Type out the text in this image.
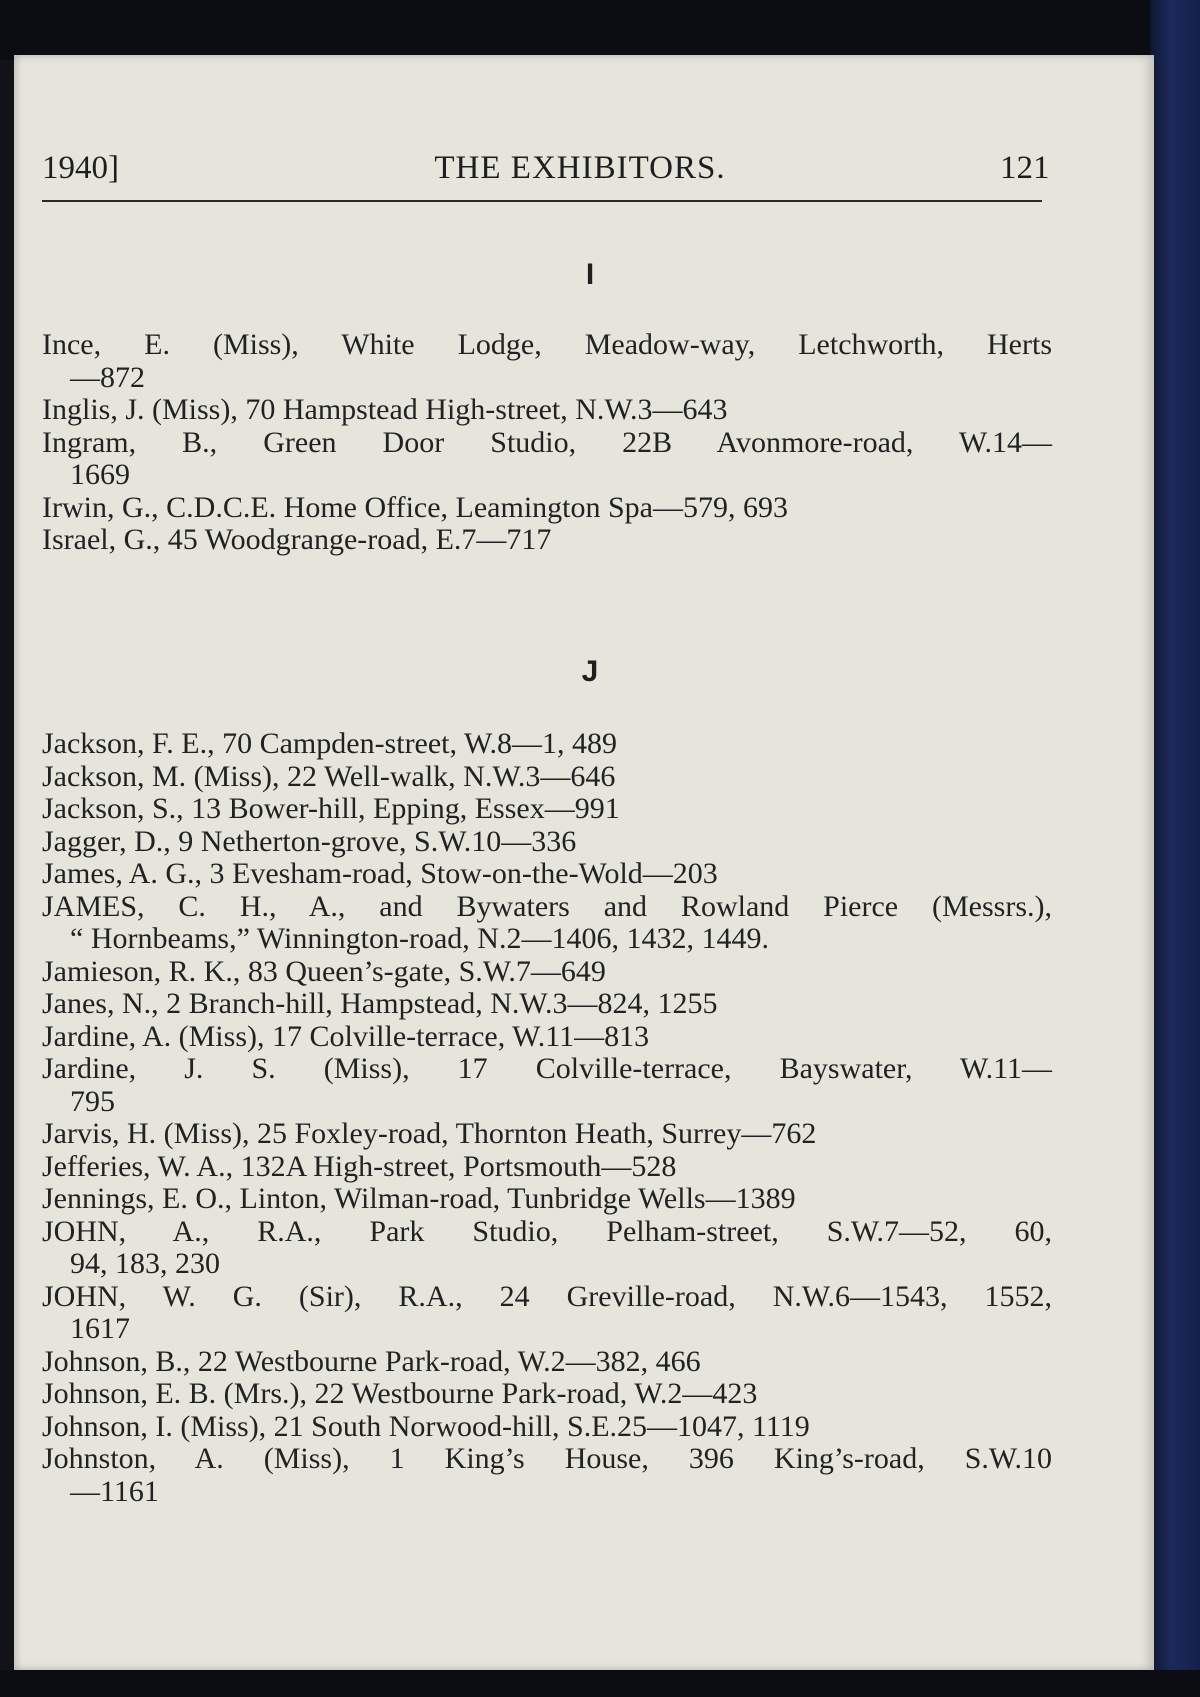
1940]	THE EXHIBITORS.	121
I

Ince, E. (Miss), White Lodge, Meadow-way, Letchworth, Herts

—872

Inglis, J. (Miss), 70 Hampstead High-street, N.W.3—643

Ingram, B., Green Door Studio, 22B Avonmore-road, W.14—

1669

Irwin, G., C.D.C.E. Home Office, Leamington Spa—579, 693

Israel, G., 45 Woodgrange-road, E.7—717

J

Jackson, F. E., 70 Campden-street, W.8—1, 489

Jackson, M. (Miss), 22 Well-walk, N.W.3—646

Jackson, S., 13 Bower-hill, Epping, Essex—991

Jagger, D., 9 Netherton-grove, S.W.10—336

James, A. G., 3 Evesham-road, Stow-on-the-Wold—203

JAMES, C. H., A., and Bywaters and Rowland Pierce (Messrs.),

“ Hornbeams,” Winnington-road, N.2—1406, 1432, 1449.

Jamieson, R. K., 83 Queen’s-gate, S.W.7—649

Janes, N., 2 Branch-hill, Hampstead, N.W.3—824, 1255

Jardine, A. (Miss), 17 Colville-terrace, W.11—813

Jardine, J. S. (Miss), 17 Colville-terrace, Bayswater, W.11—

795

Jarvis, H. (Miss), 25 Foxley-road, Thornton Heath, Surrey—762

Jefferies, W. A., 132A High-street, Portsmouth—528

Jennings, E. O., Linton, Wilman-road, Tunbridge Wells—1389

JOHN, A., R.A., Park Studio, Pelham-street, S.W.7—52, 60,

94, 183, 230

JOHN, W. G. (Sir), R.A., 24 Greville-road, N.W.6—1543, 1552,

1617

Johnson, B., 22 Westbourne Park-road, W.2—382, 466

Johnson, E. B. (Mrs.), 22 Westbourne Park-road, W.2—423

Johnson, I. (Miss), 21 South Norwood-hill, S.E.25—1047, 1119

Johnston, A. (Miss), 1 King’s House, 396 King’s-road, S.W.10

—1161
